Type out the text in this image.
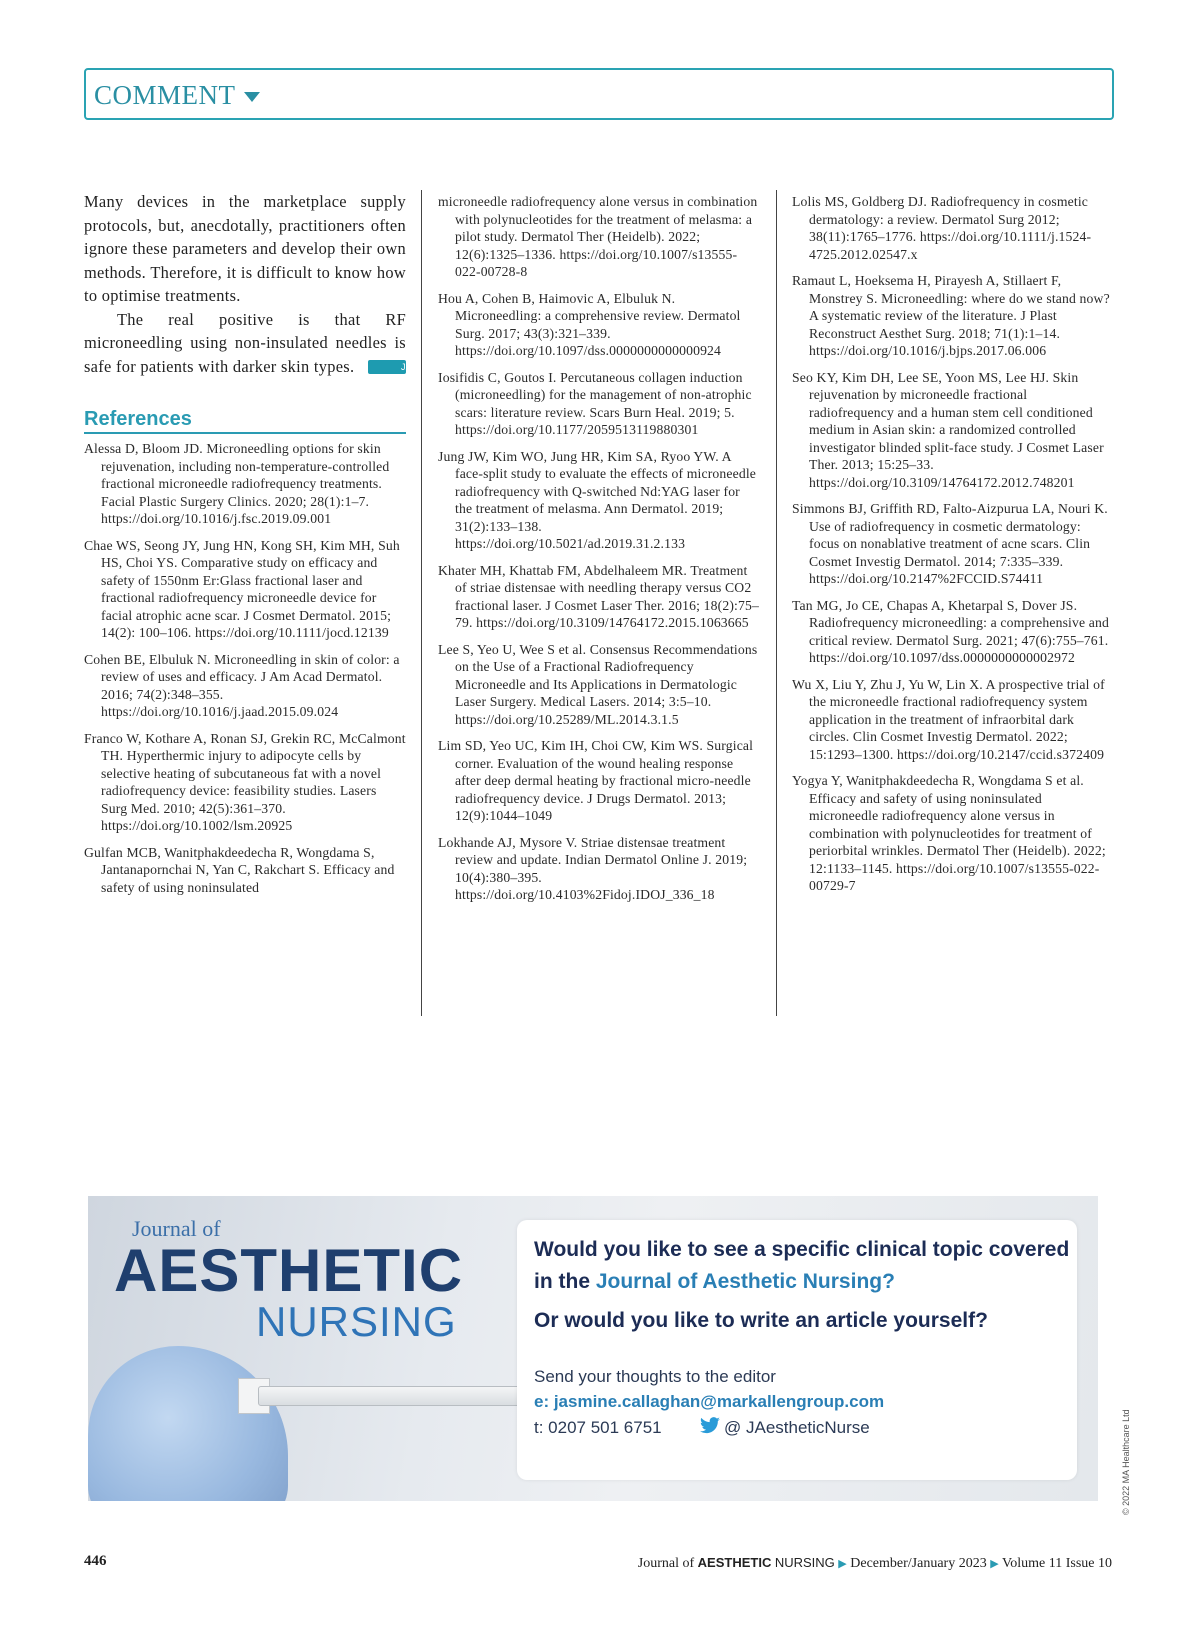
COMMENT

Many devices in the marketplace supply protocols, but, anecdotally, practitioners often ignore these parameters and develop their own methods. Therefore, it is difficult to know how to optimise treatments.

The real positive is that RF microneedling using non-insulated needles is safe for patients with darker skin types.	JAN

References

Alessa D, Bloom JD. Microneedling options for skin rejuvenation, including non-temperature-controlled fractional microneedle radiofrequency treatments. Facial Plastic Surgery Clinics. 2020; 28(1):1–7. https://doi.org/10.1016/j.fsc.2019.09.001

Chae WS, Seong JY, Jung HN, Kong SH, Kim MH, Suh HS, Choi YS. Comparative study on efficacy and safety of 1550nm Er:Glass fractional laser and fractional radiofrequency microneedle device for facial atrophic acne scar. J Cosmet Dermatol. 2015; 14(2): 100–106. https://doi.org/10.1111/jocd.12139

Cohen BE, Elbuluk N. Microneedling in skin of color: a review of uses and efficacy. J Am Acad Dermatol. 2016; 74(2):348–355. https://doi.org/10.1016/j.jaad.2015.09.024

Franco W, Kothare A, Ronan SJ, Grekin RC, McCalmont TH. Hyperthermic injury to adipocyte cells by selective heating of subcutaneous fat with a novel radiofrequency device: feasibility studies. Lasers Surg Med. 2010; 42(5):361–370. https://doi.org/10.1002/lsm.20925

Gulfan MCB, Wanitphakdeedecha R, Wongdama S, Jantanapornchai N, Yan C, Rakchart S. Efficacy and safety of using noninsulated

microneedle radiofrequency alone versus in combination with polynucleotides for the treatment of melasma: a pilot study. Dermatol Ther (Heidelb). 2022; 12(6):1325–1336. https://doi.org/10.1007/s13555-022-00728-8

Hou A, Cohen B, Haimovic A, Elbuluk N. Microneedling: a comprehensive review. Dermatol Surg. 2017; 43(3):321–339. https://doi.org/10.1097/dss.0000000000000924

Iosifidis C, Goutos I. Percutaneous collagen induction (microneedling) for the management of non-atrophic scars: literature review. Scars Burn Heal. 2019; 5. https://doi.org/10.1177/2059513119880301

Jung JW, Kim WO, Jung HR, Kim SA, Ryoo YW. A face-split study to evaluate the effects of microneedle radiofrequency with Q-switched Nd:YAG laser for the treatment of melasma. Ann Dermatol. 2019; 31(2):133–138. https://doi.org/10.5021/ad.2019.31.2.133

Khater MH, Khattab FM, Abdelhaleem MR. Treatment of striae distensae with needling therapy versus CO2 fractional laser. J Cosmet Laser Ther. 2016; 18(2):75–79. https://doi.org/10.3109/14764172.2015.1063665

Lee S, Yeo U, Wee S et al. Consensus Recommendations on the Use of a Fractional Radiofrequency Microneedle and Its Applications in Dermatologic Laser Surgery. Medical Lasers. 2014; 3:5–10. https://doi.org/10.25289/ML.2014.3.1.5

Lim SD, Yeo UC, Kim IH, Choi CW, Kim WS. Surgical corner. Evaluation of the wound healing response after deep dermal heating by fractional micro-needle radiofrequency device. J Drugs Dermatol. 2013; 12(9):1044–1049

Lokhande AJ, Mysore V. Striae distensae treatment review and update. Indian Dermatol Online J. 2019; 10(4):380–395. https://doi.org/10.4103%2Fidoj.IDOJ_336_18

Lolis MS, Goldberg DJ. Radiofrequency in cosmetic dermatology: a review. Dermatol Surg 2012; 38(11):1765–1776. https://doi.org/10.1111/j.1524-4725.2012.02547.x

Ramaut L, Hoeksema H, Pirayesh A, Stillaert F, Monstrey S. Microneedling: where do we stand now? A systematic review of the literature. J Plast Reconstruct Aesthet Surg. 2018; 71(1):1–14. https://doi.org/10.1016/j.bjps.2017.06.006

Seo KY, Kim DH, Lee SE, Yoon MS, Lee HJ. Skin rejuvenation by microneedle fractional radiofrequency and a human stem cell conditioned medium in Asian skin: a randomized controlled investigator blinded split-face study. J Cosmet Laser Ther. 2013; 15:25–33. https://doi.org/10.3109/14764172.2012.748201

Simmons BJ, Griffith RD, Falto-Aizpurua LA, Nouri K. Use of radiofrequency in cosmetic dermatology: focus on nonablative treatment of acne scars. Clin Cosmet Investig Dermatol. 2014; 7:335–339. https://doi.org/10.2147%2FCCID.S74411

Tan MG, Jo CE, Chapas A, Khetarpal S, Dover JS. Radiofrequency microneedling: a comprehensive and critical review. Dermatol Surg. 2021; 47(6):755–761. https://doi.org/10.1097/dss.0000000000002972

Wu X, Liu Y, Zhu J, Yu W, Lin X. A prospective trial of the microneedle fractional radiofrequency system application in the treatment of infraorbital dark circles. Clin Cosmet Investig Dermatol. 2022; 15:1293–1300. https://doi.org/10.2147/ccid.s372409

Yogya Y, Wanitphakdeedecha R, Wongdama S et al. Efficacy and safety of using noninsulated microneedle radiofrequency alone versus in combination with polynucleotides for treatment of periorbital wrinkles. Dermatol Ther (Heidelb). 2022; 12:1133–1145. https://doi.org/10.1007/s13555-022-00729-7

Journal of
AESTHETIC
NURSING
Would you like to see a specific clinical topic covered in the Journal of Aesthetic Nursing?
Or would you like to write an article yourself?
Send your thoughts to the editor
e: jasmine.callaghan@markallengroup.com
t: 0207 501 6751	@ JAestheticNurse	© 2022 MA Healthcare Ltd
446	Journal of AESTHETIC NURSING ▶ December/January 2023 ▶ Volume 11 Issue 10
